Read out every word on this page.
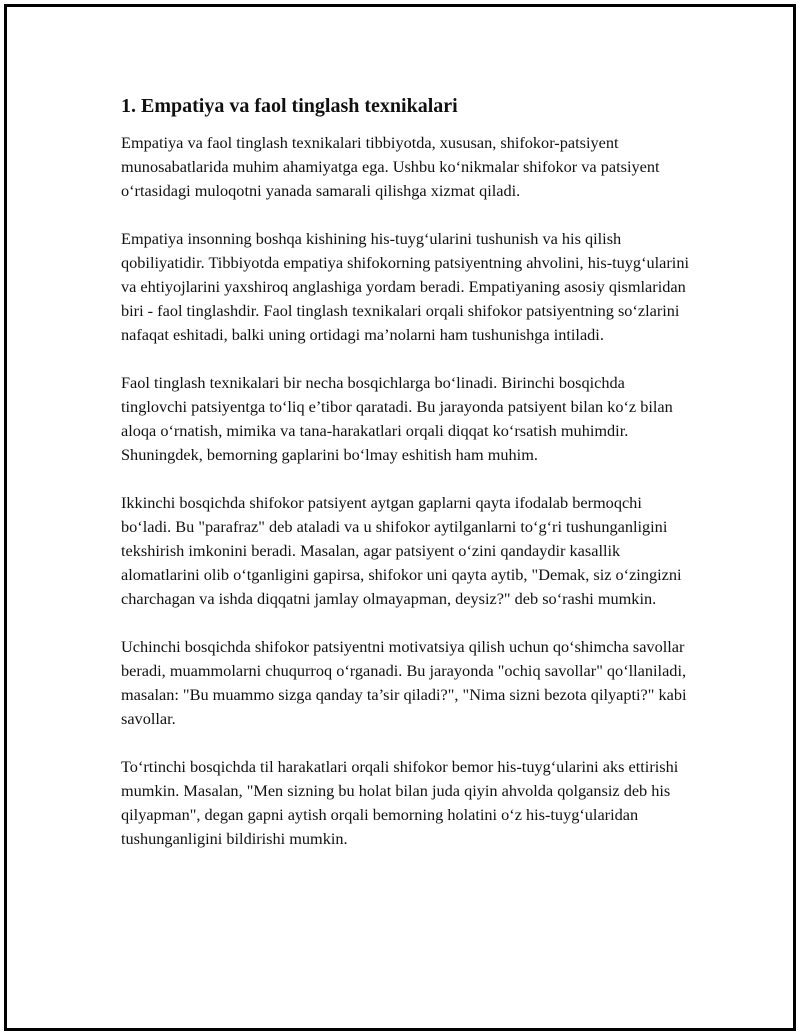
1. Empatiya va faol tinglash texnikalari

Empatiya va faol tinglash texnikalari tibbiyotda, xususan, shifokor-patsiyent munosabatlarida muhim ahamiyatga ega. Ushbu ko‘nikmalar shifokor va patsiyent o‘rtasidagi muloqotni yanada samarali qilishga xizmat qiladi.

Empatiya insonning boshqa kishining his-tuyg‘ularini tushunish va his qilish qobiliyatidir. Tibbiyotda empatiya shifokorning patsiyentning ahvolini, his-tuyg‘ularini va ehtiyojlarini yaxshiroq anglashiga yordam beradi. Empatiyaning asosiy qismlaridan biri - faol tinglashdir. Faol tinglash texnikalari orqali shifokor patsiyentning so‘zlarini nafaqat eshitadi, balki uning ortidagi ma’nolarni ham tushunishga intiladi.

Faol tinglash texnikalari bir necha bosqichlarga bo‘linadi. Birinchi bosqichda tinglovchi patsiyentga to‘liq e’tibor qaratadi. Bu jarayonda patsiyent bilan ko‘z bilan aloqa o‘rnatish, mimika va tana-harakatlari orqali diqqat ko‘rsatish muhimdir. Shuningdek, bemorning gaplarini bo‘lmay eshitish ham muhim.

Ikkinchi bosqichda shifokor patsiyent aytgan gaplarni qayta ifodalab bermoqchi bo‘ladi. Bu "parafraz" deb ataladi va u shifokor aytilganlarni to‘g‘ri tushunganligini tekshirish imkonini beradi. Masalan, agar patsiyent o‘zini qandaydir kasallik alomatlarini olib o‘tganligini gapirsa, shifokor uni qayta aytib, "Demak, siz o‘zingizni charchagan va ishda diqqatni jamlay olmayapman, deysiz?" deb so‘rashi mumkin.

Uchinchi bosqichda shifokor patsiyentni motivatsiya qilish uchun qo‘shimcha savollar beradi, muammolarni chuqurroq o‘rganadi. Bu jarayonda "ochiq savollar" qo‘llaniladi, masalan: "Bu muammo sizga qanday ta’sir qiladi?", "Nima sizni bezota qilyapti?" kabi savollar.

To‘rtinchi bosqichda til harakatlari orqali shifokor bemor his-tuyg‘ularini aks ettirishi mumkin. Masalan, "Men sizning bu holat bilan juda qiyin ahvolda qolgansiz deb his qilyapman", degan gapni aytish orqali bemorning holatini o‘z his-tuyg‘ularidan tushunganligini bildirishi mumkin.
